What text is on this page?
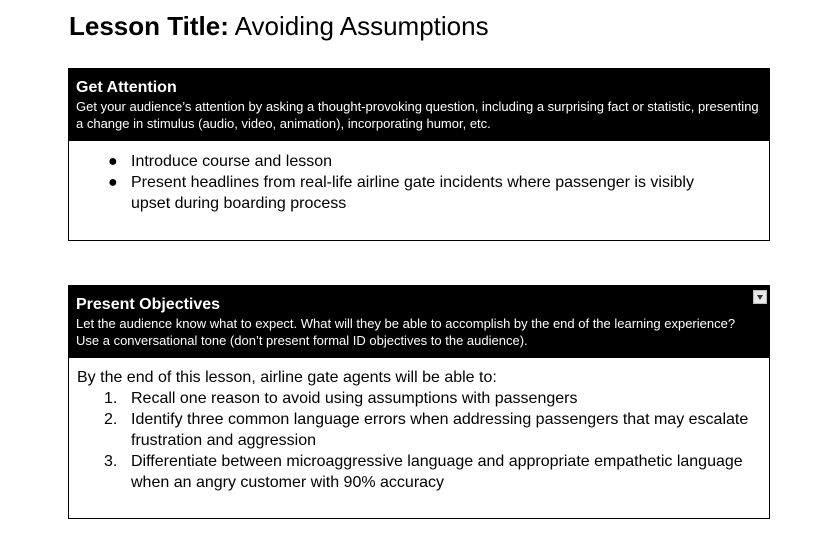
Lesson Title: Avoiding Assumptions
Get Attention

Get your audience’s attention by asking a thought-provoking question, including a surprising fact or statistic, presenting a change in stimulus (audio, video, animation), incorporating humor, etc.

● Introduce course and lesson
● Present headlines from real-life airline gate incidents where passenger is visibly upset during boarding process
Present Objectives

Let the audience know what to expect. What will they be able to accomplish by the end of the learning experience? Use a conversational tone (don’t present formal ID objectives to the audience).

By the end of this lesson, airline gate agents will be able to:
1. Recall one reason to avoid using assumptions with passengers
2. Identify three common language errors when addressing passengers that may escalate frustration and aggression
3. Differentiate between microaggressive language and appropriate empathetic language when an angry customer with 90% accuracy
